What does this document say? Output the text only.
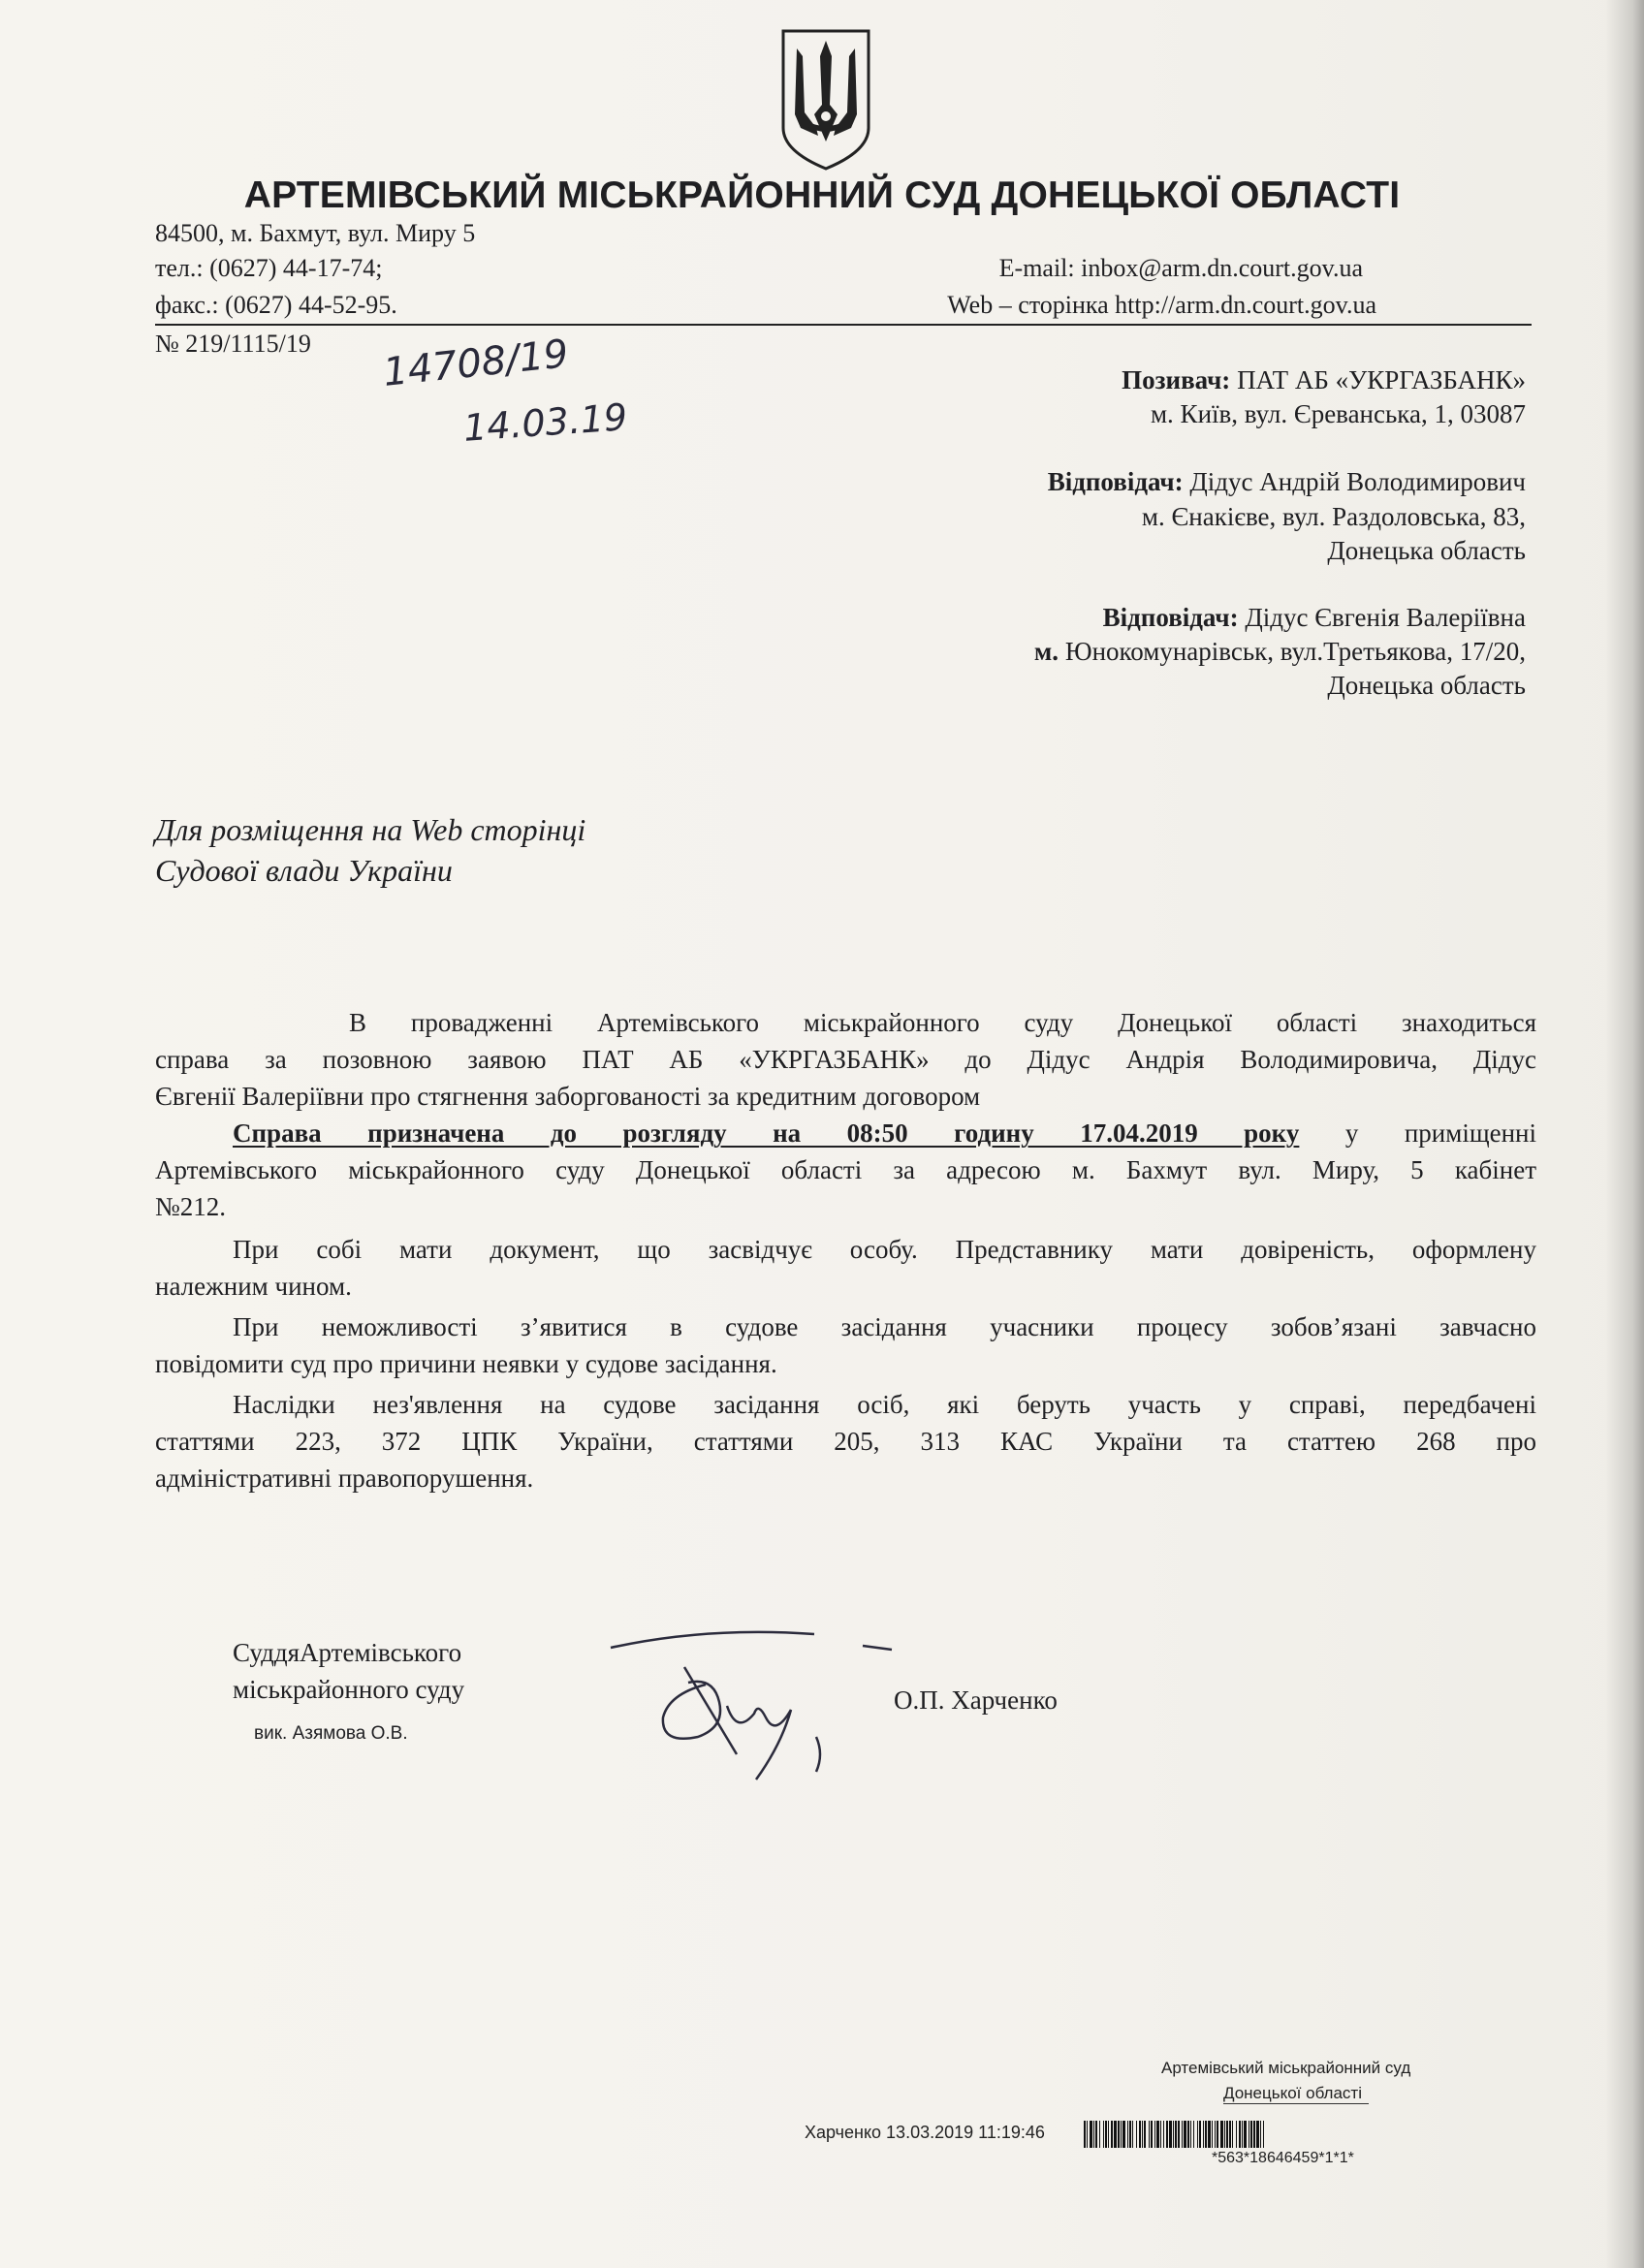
АРТЕМІВСЬКИЙ МІСЬКРАЙОННИЙ СУД ДОНЕЦЬКОЇ ОБЛАСТІ
84500, м. Бахмут, вул. Миру 5
тел.: (0627) 44-17-74;
факс.: (0627) 44-52-95.
E-mail: inbox@arm.dn.court.gov.ua
Web – сторінка http://arm.dn.court.gov.ua
№ 219/1115/19 14708/19
14.03.19
Позивач: ПАТ АБ «УКРГАЗБАНК»
м. Київ, вул. Єреванська, 1, 03087
Відповідач: Дідус Андрій Володимирович
м. Єнакієве, вул. Раздоловська, 83,
Донецька область
Відповідач: Дідус Євгенія Валеріївна
м. Юнокомунарівськ, вул.Третьякова, 17/20,
Донецька область
Для розміщення на Web сторінці
Судової влади України
В провадженні Артемівського міськрайонного суду Донецької області знаходиться
справа за позовною заявою ПАТ АБ «УКРГАЗБАНК» до Дідус Андрія Володимировича, Дідус
Євгенії Валеріївни про стягнення заборгованості за кредитним договором
Справа призначена до розгляду на 08:50 годину 17.04.2019 року у приміщенні
Артемівського міськрайонного суду Донецької області за адресою м. Бахмут вул. Миру, 5 кабінет
№212.
При собі мати документ, що засвідчує особу. Представнику мати довіреність, оформлену
належним чином.
При неможливості з’явитися в судове засідання учасники процесу зобов’язані завчасно
повідомити суд про причини неявки у судове засідання.
Наслідки нез'явлення на судове засідання осіб, які беруть участь у справі, передбачені
статтями 223, 372 ЦПК України, статтями 205, 313 КАС України та статтею 268 про
адміністративні правопорушення.
СуддяАртемівського
міськрайонного суду
вик. Азямова О.В.
О.П. Харченко
Артемівський міськрайонний суд
Донецької області
Харченко 13.03.2019 11:19:46
*563*18646459*1*1*
